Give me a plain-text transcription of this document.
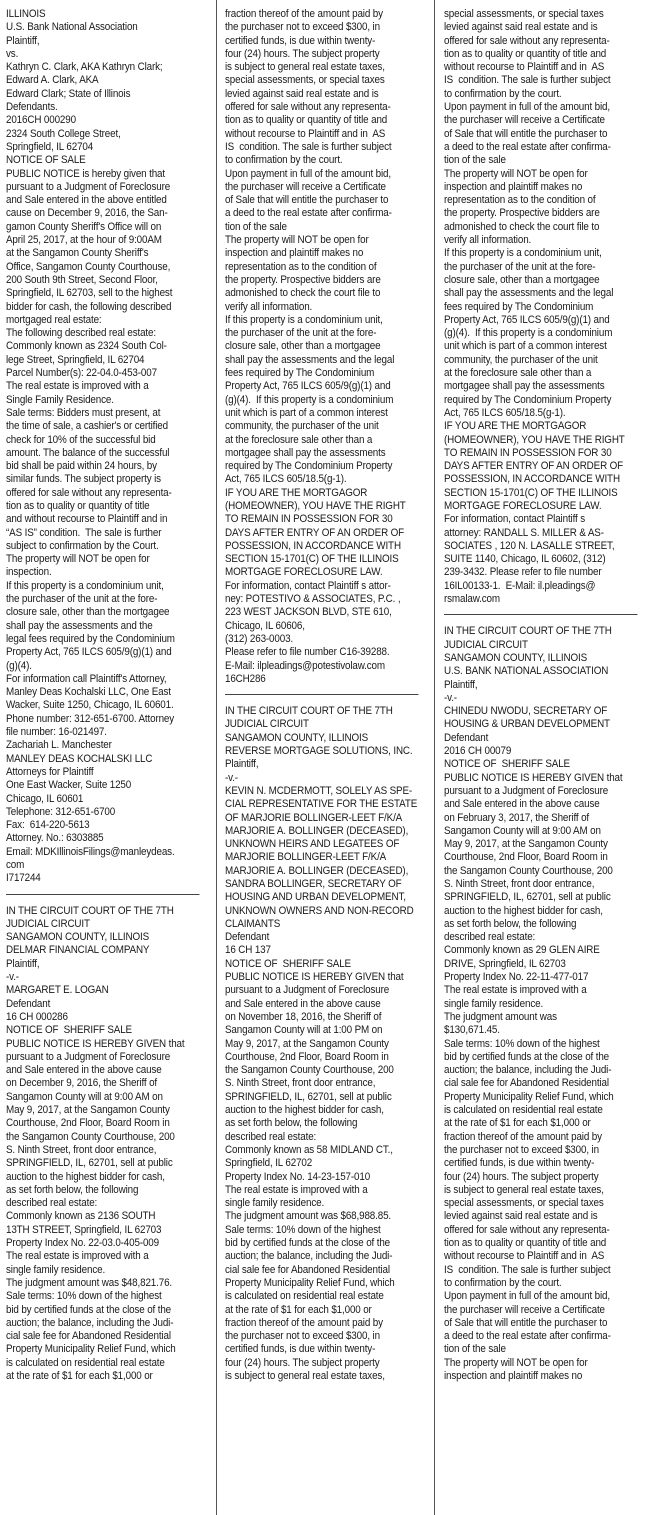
ILLINOIS
U.S. Bank National Association
Plaintiff,
vs.
Kathryn C. Clark, AKA Kathryn Clark;
Edward A. Clark, AKA
Edward Clark; State of Illinois
Defendants.
2016CH 000290
2324 South College Street,
Springfield, IL 62704
NOTICE OF SALE
PUBLIC NOTICE is hereby given that
pursuant to a Judgment of Foreclosure
and Sale entered in the above entitled
cause on December 9, 2016, the San-
gamon County Sheriff's Office will on
April 25, 2017, at the hour of 9:00AM
at the Sangamon County Sheriff's
Office, Sangamon County Courthouse,
200 South 9th Street, Second Floor,
Springfield, IL 62703, sell to the highest
bidder for cash, the following described
mortgaged real estate:
The following described real estate:
Commonly known as 2324 South Col-
lege Street, Springfield, IL 62704
Parcel Number(s): 22-04.0-453-007
The real estate is improved with a
Single Family Residence.
Sale terms: Bidders must present, at
the time of sale, a cashier's or certified
check for 10% of the successful bid
amount. The balance of the successful
bid shall be paid within 24 hours, by
similar funds. The subject property is
offered for sale without any representa-
tion as to quality or quantity of title
and without recourse to Plaintiff and in
“AS IS” condition.  The sale is further
subject to confirmation by the Court.
The property will NOT be open for
inspection.
If this property is a condominium unit,
the purchaser of the unit at the fore-
closure sale, other than the mortgagee
shall pay the assessments and the
legal fees required by the Condominium
Property Act, 765 ILCS 605/9(g)(1) and
(g)(4).
For information call Plaintiff's Attorney,
Manley Deas Kochalski LLC, One East
Wacker, Suite 1250, Chicago, IL 60601.
Phone number: 312-651-6700. Attorney
file number: 16-021497.
Zachariah L. Manchester
MANLEY DEAS KOCHALSKI LLC
Attorneys for Plaintiff
One East Wacker, Suite 1250
Chicago, IL 60601
Telephone: 312-651-6700
Fax:  614-220-5613
Attorney. No.: 6303885
Email: MDKIllinoisFilings@manleydeas.
com
I717244
IN THE CIRCUIT COURT OF THE 7TH
JUDICIAL CIRCUIT
SANGAMON COUNTY, ILLINOIS
DELMAR FINANCIAL COMPANY
Plaintiff,
-v.-
MARGARET E. LOGAN
Defendant
16 CH 000286
NOTICE OF  SHERIFF SALE
PUBLIC NOTICE IS HEREBY GIVEN that
pursuant to a Judgment of Foreclosure
and Sale entered in the above cause
on December 9, 2016, the Sheriff of
Sangamon County will at 9:00 AM on
May 9, 2017, at the Sangamon County
Courthouse, 2nd Floor, Board Room in
the Sangamon County Courthouse, 200
S. Ninth Street, front door entrance,
SPRINGFIELD, IL, 62701, sell at public
auction to the highest bidder for cash,
as set forth below, the following
described real estate:
Commonly known as 2136 SOUTH
13TH STREET, Springfield, IL 62703
Property Index No. 22-03.0-405-009
The real estate is improved with a
single family residence.
The judgment amount was $48,821.76.
Sale terms: 10% down of the highest
bid by certified funds at the close of the
auction; the balance, including the Judi-
cial sale fee for Abandoned Residential
Property Municipality Relief Fund, which
is calculated on residential real estate
at the rate of $1 for each $1,000 or
fraction thereof of the amount paid by
the purchaser not to exceed $300, in
certified funds, is due within twenty-
four (24) hours. The subject property
is subject to general real estate taxes,
special assessments, or special taxes
levied against said real estate and is
offered for sale without any representa-
tion as to quality or quantity of title and
without recourse to Plaintiff and in  AS
IS  condition. The sale is further subject
to confirmation by the court.
Upon payment in full of the amount bid,
the purchaser will receive a Certificate
of Sale that will entitle the purchaser to
a deed to the real estate after confirma-
tion of the sale
The property will NOT be open for
inspection and plaintiff makes no
representation as to the condition of
the property. Prospective bidders are
admonished to check the court file to
verify all information.
If this property is a condominium unit,
the purchaser of the unit at the fore-
closure sale, other than a mortgagee
shall pay the assessments and the legal
fees required by The Condominium
Property Act, 765 ILCS 605/9(g)(1) and
(g)(4).  If this property is a condominium
unit which is part of a common interest
community, the purchaser of the unit
at the foreclosure sale other than a
mortgagee shall pay the assessments
required by The Condominium Property
Act, 765 ILCS 605/18.5(g-1).
IF YOU ARE THE MORTGAGOR
(HOMEOWNER), YOU HAVE THE RIGHT
TO REMAIN IN POSSESSION FOR 30
DAYS AFTER ENTRY OF AN ORDER OF
POSSESSION, IN ACCORDANCE WITH
SECTION 15-1701(C) OF THE ILLINOIS
MORTGAGE FORECLOSURE LAW.
For information, contact Plaintiff s attor-
ney: POTESTIVO & ASSOCIATES, P.C. ,
223 WEST JACKSON BLVD, STE 610,
Chicago, IL 60606,
(312) 263-0003.
Please refer to file number C16-39288.
E-Mail: ilpleadings@potestivolaw.com
16CH286
IN THE CIRCUIT COURT OF THE 7TH
JUDICIAL CIRCUIT
SANGAMON COUNTY, ILLINOIS
REVERSE MORTGAGE SOLUTIONS, INC.
Plaintiff,
-v.-
KEVIN N. MCDERMOTT, SOLELY AS SPE-
CIAL REPRESENTATIVE FOR THE ESTATE
OF MARJORIE BOLLINGER-LEET F/K/A
MARJORIE A. BOLLINGER (DECEASED),
UNKNOWN HEIRS AND LEGATEES OF
MARJORIE BOLLINGER-LEET F/K/A
MARJORIE A. BOLLINGER (DECEASED),
SANDRA BOLLINGER, SECRETARY OF
HOUSING AND URBAN DEVELOPMENT,
UNKNOWN OWNERS AND NON-RECORD
CLAIMANTS
Defendant
16 CH 137
NOTICE OF  SHERIFF SALE
PUBLIC NOTICE IS HEREBY GIVEN that
pursuant to a Judgment of Foreclosure
and Sale entered in the above cause
on November 18, 2016, the Sheriff of
Sangamon County will at 1:00 PM on
May 9, 2017, at the Sangamon County
Courthouse, 2nd Floor, Board Room in
the Sangamon County Courthouse, 200
S. Ninth Street, front door entrance,
SPRINGFIELD, IL, 62701, sell at public
auction to the highest bidder for cash,
as set forth below, the following
described real estate:
Commonly known as 58 MIDLAND CT.,
Springfield, IL 62702
Property Index No. 14-23-157-010
The real estate is improved with a
single family residence.
The judgment amount was $68,988.85.
Sale terms: 10% down of the highest
bid by certified funds at the close of the
auction; the balance, including the Judi-
cial sale fee for Abandoned Residential
Property Municipality Relief Fund, which
is calculated on residential real estate
at the rate of $1 for each $1,000 or
fraction thereof of the amount paid by
the purchaser not to exceed $300, in
certified funds, is due within twenty-
four (24) hours. The subject property
is subject to general real estate taxes,
special assessments, or special taxes
levied against said real estate and is
offered for sale without any representa-
tion as to quality or quantity of title and
without recourse to Plaintiff and in  AS
IS  condition. The sale is further subject
to confirmation by the court.
Upon payment in full of the amount bid,
the purchaser will receive a Certificate
of Sale that will entitle the purchaser to
a deed to the real estate after confirma-
tion of the sale
The property will NOT be open for
inspection and plaintiff makes no
representation as to the condition of
the property. Prospective bidders are
admonished to check the court file to
verify all information.
If this property is a condominium unit,
the purchaser of the unit at the fore-
closure sale, other than a mortgagee
shall pay the assessments and the legal
fees required by The Condominium
Property Act, 765 ILCS 605/9(g)(1) and
(g)(4).  If this property is a condominium
unit which is part of a common interest
community, the purchaser of the unit
at the foreclosure sale other than a
mortgagee shall pay the assessments
required by The Condominium Property
Act, 765 ILCS 605/18.5(g-1).
IF YOU ARE THE MORTGAGOR
(HOMEOWNER), YOU HAVE THE RIGHT
TO REMAIN IN POSSESSION FOR 30
DAYS AFTER ENTRY OF AN ORDER OF
POSSESSION, IN ACCORDANCE WITH
SECTION 15-1701(C) OF THE ILLINOIS
MORTGAGE FORECLOSURE LAW.
For information, contact Plaintiff s
attorney: RANDALL S. MILLER & AS-
SOCIATES , 120 N. LASALLE STREET,
SUITE 1140, Chicago, IL 60602, (312)
239-3432. Please refer to file number
16IL00133-1.  E-Mail: il.pleadings@
rsmalaw.com
IN THE CIRCUIT COURT OF THE 7TH
JUDICIAL CIRCUIT
SANGAMON COUNTY, ILLINOIS
U.S. BANK NATIONAL ASSOCIATION
Plaintiff,
-v.-
CHINEDU NWODU, SECRETARY OF
HOUSING & URBAN DEVELOPMENT
Defendant
2016 CH 00079
NOTICE OF  SHERIFF SALE
PUBLIC NOTICE IS HEREBY GIVEN that
pursuant to a Judgment of Foreclosure
and Sale entered in the above cause
on February 3, 2017, the Sheriff of
Sangamon County will at 9:00 AM on
May 9, 2017, at the Sangamon County
Courthouse, 2nd Floor, Board Room in
the Sangamon County Courthouse, 200
S. Ninth Street, front door entrance,
SPRINGFIELD, IL, 62701, sell at public
auction to the highest bidder for cash,
as set forth below, the following
described real estate:
Commonly known as 29 GLEN AIRE
DRIVE, Springfield, IL 62703
Property Index No. 22-11-477-017
The real estate is improved with a
single family residence.
The judgment amount was
$130,671.45.
Sale terms: 10% down of the highest
bid by certified funds at the close of the
auction; the balance, including the Judi-
cial sale fee for Abandoned Residential
Property Municipality Relief Fund, which
is calculated on residential real estate
at the rate of $1 for each $1,000 or
fraction thereof of the amount paid by
the purchaser not to exceed $300, in
certified funds, is due within twenty-
four (24) hours. The subject property
is subject to general real estate taxes,
special assessments, or special taxes
levied against said real estate and is
offered for sale without any representa-
tion as to quality or quantity of title and
without recourse to Plaintiff and in  AS
IS  condition. The sale is further subject
to confirmation by the court.
Upon payment in full of the amount bid,
the purchaser will receive a Certificate
of Sale that will entitle the purchaser to
a deed to the real estate after confirma-
tion of the sale
The property will NOT be open for
inspection and plaintiff makes no
